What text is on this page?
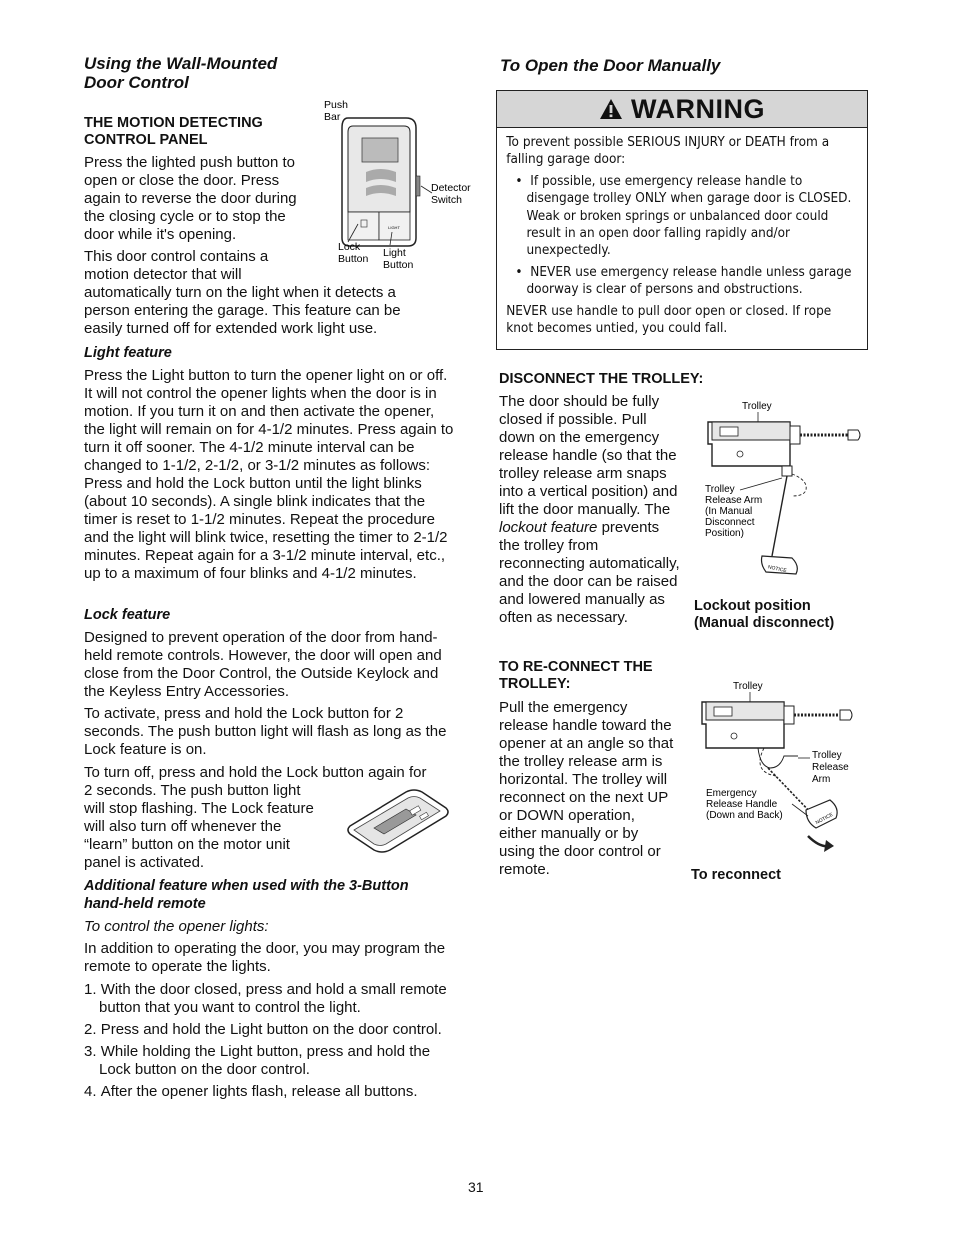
Using the Wall-Mounted
Door Control
THE MOTION DETECTING
CONTROL PANEL
Press the lighted push button to
open or close the door. Press
again to reverse the door during
the closing cycle or to stop the
door while it's opening.
This door control contains a
motion detector that will
automatically turn on the light when it detects a person entering the garage. This feature can be easily turned off for extended work light use.
Push
Bar
LIGHT
Detector
Switch
Lock
Button Light
Button
Light feature
Press the Light button to turn the opener light on or off. It will not control the opener lights when the door is in motion. If you turn it on and then activate the opener, the light will remain on for 4-1/2 minutes. Press again to turn it off sooner. The 4-1/2 minute interval can be changed to 1-1/2, 2-1/2, or 3-1/2 minutes as follows: Press and hold the Lock button until the light blinks (about 10 seconds). A single blink indicates that the timer is reset to 1-1/2 minutes. Repeat the procedure and the light will blink twice, resetting the timer to 2-1/2 minutes. Repeat again for a 3-1/2 minute interval, etc., up to a maximum of four blinks and 4-1/2 minutes.
Lock feature
Designed to prevent operation of the door from hand-held remote controls. However, the door will open and close from the Door Control, the Outside Keylock and the Keyless Entry Accessories.
To activate, press and hold the Lock button for 2 seconds. The push button light will flash as long as the Lock feature is on.
To turn off, press and hold the Lock button again for
2 seconds. The push button light
will stop flashing. The Lock feature
will also turn off whenever the
“learn” button on the motor unit
panel is activated.
Additional feature when used with the 3-Button
hand-held remote
To control the opener lights:
In addition to operating the door, you may program the remote to operate the lights.
1. With the door closed, press and hold a small remote button that you want to control the light.
2. Press and hold the Light button on the door control.
3. While holding the Light button, press and hold the Lock button on the door control.
4. After the opener lights flash, release all buttons.
To Open the Door Manually
WARNING

To prevent possible SERIOUS INJURY or DEATH from a falling garage door:

•  If possible, use emergency release handle to disengage trolley ONLY when garage door is CLOSED. Weak or broken springs or unbalanced door could result in an open door falling rapidly and/or unexpectedly.

•  NEVER use emergency release handle unless garage doorway is clear of persons and obstructions.

NEVER use handle to pull door open or closed. If rope knot becomes untied, you could fall.

DISCONNECT THE TROLLEY:
The door should be fully
closed if possible. Pull
down on the emergency
release handle (so that the
trolley release arm snaps
into a vertical position) and
lift the door manually. The
lockout feature prevents
the trolley from
reconnecting automatically,
and the door can be raised
and lowered manually as
often as necessary.
Trolley
NOTICE
Trolley
Release Arm
(In Manual
Disconnect
Position)
Lockout position
(Manual disconnect)
TO RE-CONNECT THE
TROLLEY:
Pull the emergency
release handle toward the
opener at an angle so that
the trolley release arm is
horizontal. The trolley will
reconnect on the next UP
or DOWN operation,
either manually or by
using the door control or
remote.
Trolley
NOTICE
Trolley
Release
Arm
Emergency
Release Handle
(Down and Back)
To reconnect
31
